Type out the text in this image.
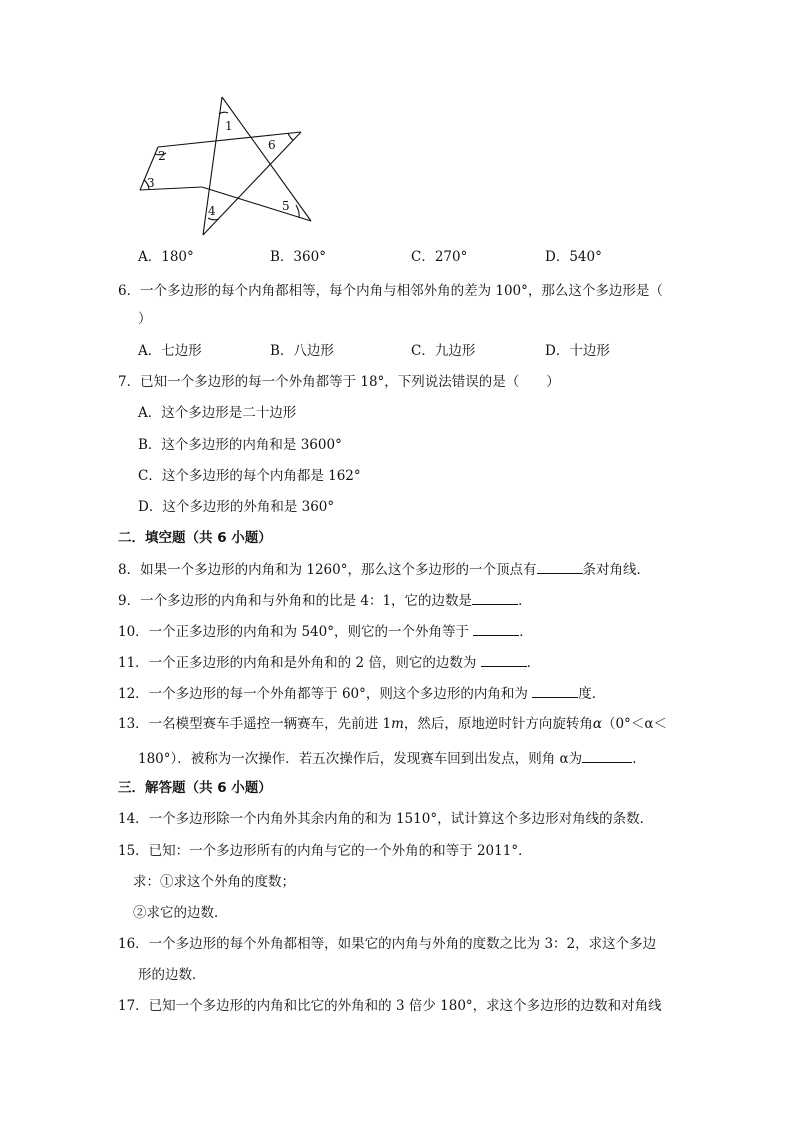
1
2
3
4	5
6
A．180°	B．360°	C．270°	D．540°
6．一个多边形的每个内角都相等，每个内角与相邻外角的差为 100°，那么这个多边形是（
）
A．七边形	B．八边形	C．九边形	D．十边形
7．已知一个多边形的每一个外角都等于 18°，下列说法错误的是（　　）
A．这个多边形是二十边形
B．这个多边形的内角和是 3600°
C．这个多边形的每个内角都是 162°
D．这个多边形的外角和是 360°
二．填空题（共 6 小题）
8．如果一个多边形的内角和为 1260°，那么这个多边形的一个顶点有	条对角线．
9．一个多边形的内角和与外角和的比是 4：1，它的边数是	．
10．一个正多边形的内角和为 540°，则它的一个外角等于	．
11．一个正多边形的内角和是外角和的 2 倍，则它的边数为	．
12．一个多边形的每一个外角都等于 60°，则这个多边形的内角和为	度．
13．一名模型赛车手遥控一辆赛车，先前进 1m，然后，原地逆时针方向旋转角α（0°＜α＜
180°）．被称为一次操作．若五次操作后，发现赛车回到出发点，则角 α为	．
三．解答题（共 6 小题）
14．一个多边形除一个内角外其余内角的和为 1510°，试计算这个多边形对角线的条数．
15．已知：一个多边形所有的内角与它的一个外角的和等于 2011°．
求：①求这个外角的度数；
②求它的边数．
16．一个多边形的每个外角都相等，如果它的内角与外角的度数之比为 3：2，求这个多边
形的边数．
17．已知一个多边形的内角和比它的外角和的 3 倍少 180°，求这个多边形的边数和对角线
